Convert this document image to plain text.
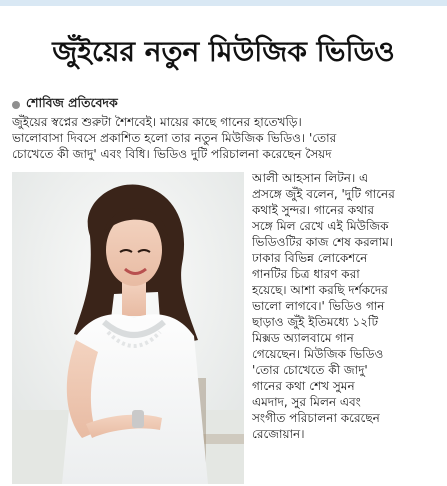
জুঁইয়ের নতুন মিউজিক ভিডিও
শোবিজ প্রতিবেদক
জুঁইয়ের স্বপ্নের শুরুটা শৈশবেই। মায়ের কাছে গানের হাতেখড়ি।
ভালোবাসা দিবসে প্রকাশিত হলো তার নতুন মিউজিক ভিডিও। 'তোর
চোখেতে কী জাদু' এবং বিধি। ভিডিও দুটি পরিচালনা করেছেন সৈয়দ
আলী আহসান লিটন। এ
প্রসঙ্গে জুঁই বলেন, 'দুটি গানের
কথাই সুন্দর। গানের কথার
সঙ্গে মিল রেখে এই মিউজিক
ভিডিওটির কাজ শেষ করলাম।
ঢাকার বিভিন্ন লোকেশনে
গানটির চিত্র ধারণ করা
হয়েছে। আশা করছি দর্শকদের
ভালো লাগবে।' ভিডিও গান
ছাড়াও জুঁই ইতিমধ্যে ১২টি
মিক্সড অ্যালবামে গান
গেয়েছেন। মিউজিক ভিডিও
'তোর চোখেতে কী জাদু'
গানের কথা শেখ সুমন
এমদাদ, সুর মিলন এবং
সংগীত পরিচালনা করেছেন
রেজোয়ান।
